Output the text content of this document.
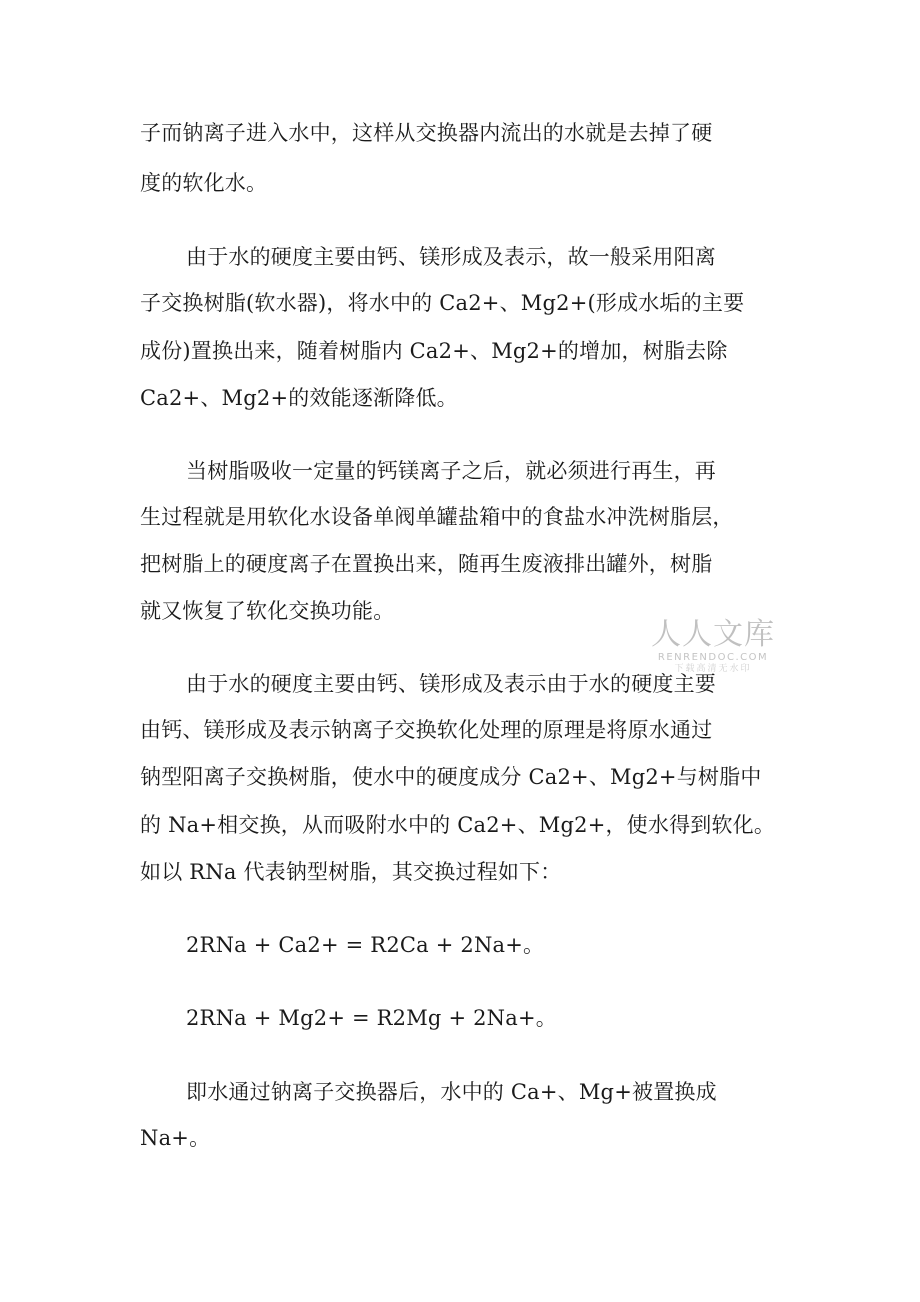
子而钠离子进入水中，这样从交换器内流出的水就是去掉了硬
度的软化水。
由于水的硬度主要由钙、镁形成及表示，故一般采用阳离
子交换树脂(软水器)，将水中的 Ca2+、Mg2+(形成水垢的主要
成份)置换出来，随着树脂内 Ca2+、Mg2+的增加，树脂去除
Ca2+、Mg2+的效能逐渐降低。
当树脂吸收一定量的钙镁离子之后，就必须进行再生，再
生过程就是用软化水设备单阀单罐盐箱中的食盐水冲洗树脂层，
把树脂上的硬度离子在置换出来，随再生废液排出罐外，树脂
就又恢复了软化交换功能。
由于水的硬度主要由钙、镁形成及表示由于水的硬度主要
由钙、镁形成及表示钠离子交换软化处理的原理是将原水通过
钠型阳离子交换树脂，使水中的硬度成分 Ca2+、Mg2+与树脂中
的 Na+相交换，从而吸附水中的 Ca2+、Mg2+，使水得到软化。
如以 RNa 代表钠型树脂，其交换过程如下：
2RNa + Ca2+ = R2Ca + 2Na+。
2RNa + Mg2+ = R2Mg + 2Na+。
即水通过钠离子交换器后，水中的 Ca+、Mg+被置换成
Na+。
人人文库
RENRENDOC.COM
下载高清无水印
